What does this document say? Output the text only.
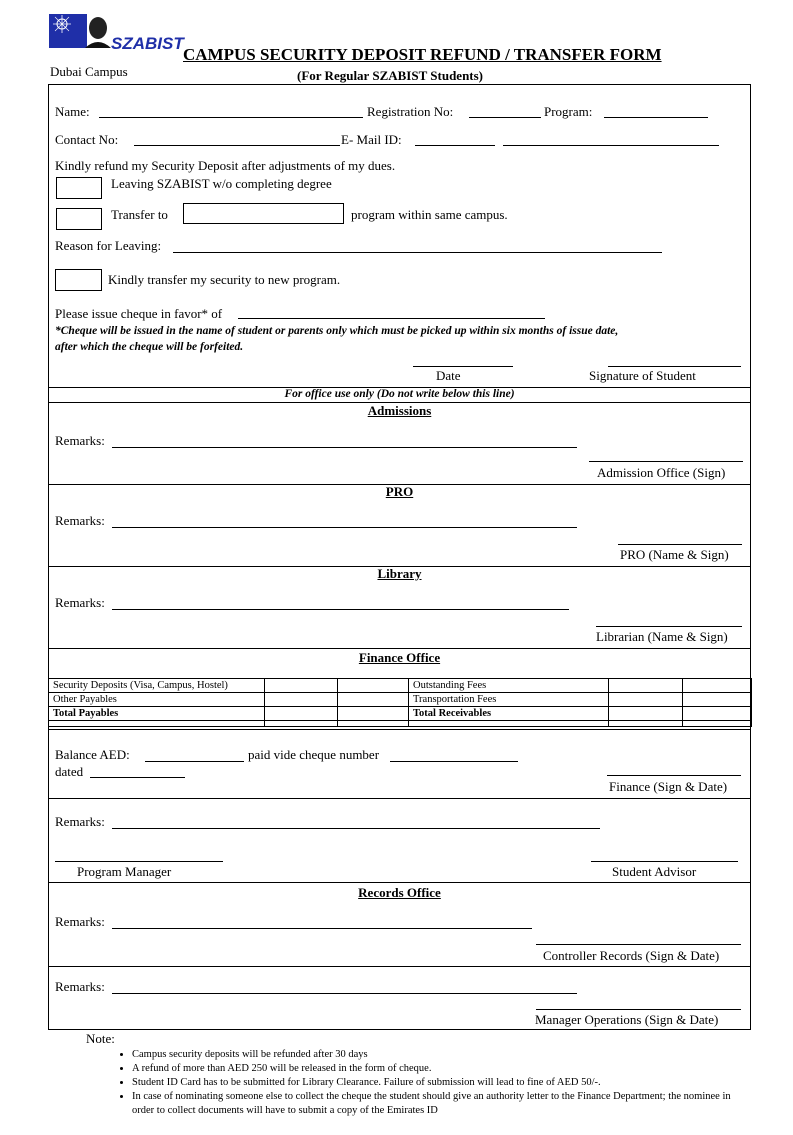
SZABIST
CAMPUS SECURITY DEPOSIT REFUND / TRANSFER FORM
(For Regular SZABIST Students)
Dubai Campus
Name:	Registration No:	Program:
Contact No:	E- Mail ID:
Kindly refund my Security Deposit after adjustments of my dues.
Leaving SZABIST w/o completing degree
Transfer to	program within same campus.
Reason for Leaving:
Kindly transfer my security to new program.
Please issue cheque in favor* of
*Cheque will be issued in the name of student or parents only which must be picked up within six months of issue date,
after which the cheque will be forfeited.
Date	Signature of Student
For office use only (Do not write below this line)
Admissions
Remarks:
Admission Office (Sign)
PRO
Remarks:
PRO (Name & Sign)
Library
Remarks:
Librarian (Name & Sign)
Finance Office
Security Deposits (Visa, Campus, Hostel)			Outstanding Fees		
Other Payables			Transportation Fees		
Total Payables			Total Receivables		

Balance AED:	paid vide cheque number
dated
Finance (Sign & Date)
Remarks:
Program Manager	Student Advisor
Records Office
Remarks:
Controller Records (Sign & Date)
Remarks:
Manager Operations (Sign & Date)
Note:
• Campus security deposits will be refunded after 30 days
• A refund of more than AED 250 will be released in the form of cheque.
• Student ID Card has to be submitted for Library Clearance. Failure of submission will lead to fine of AED 50/-.
• In case of nominating someone else to collect the cheque the student should give an authority letter to the Finance Department; the nominee in order to collect documents will have to submit a copy of the Emirates ID
